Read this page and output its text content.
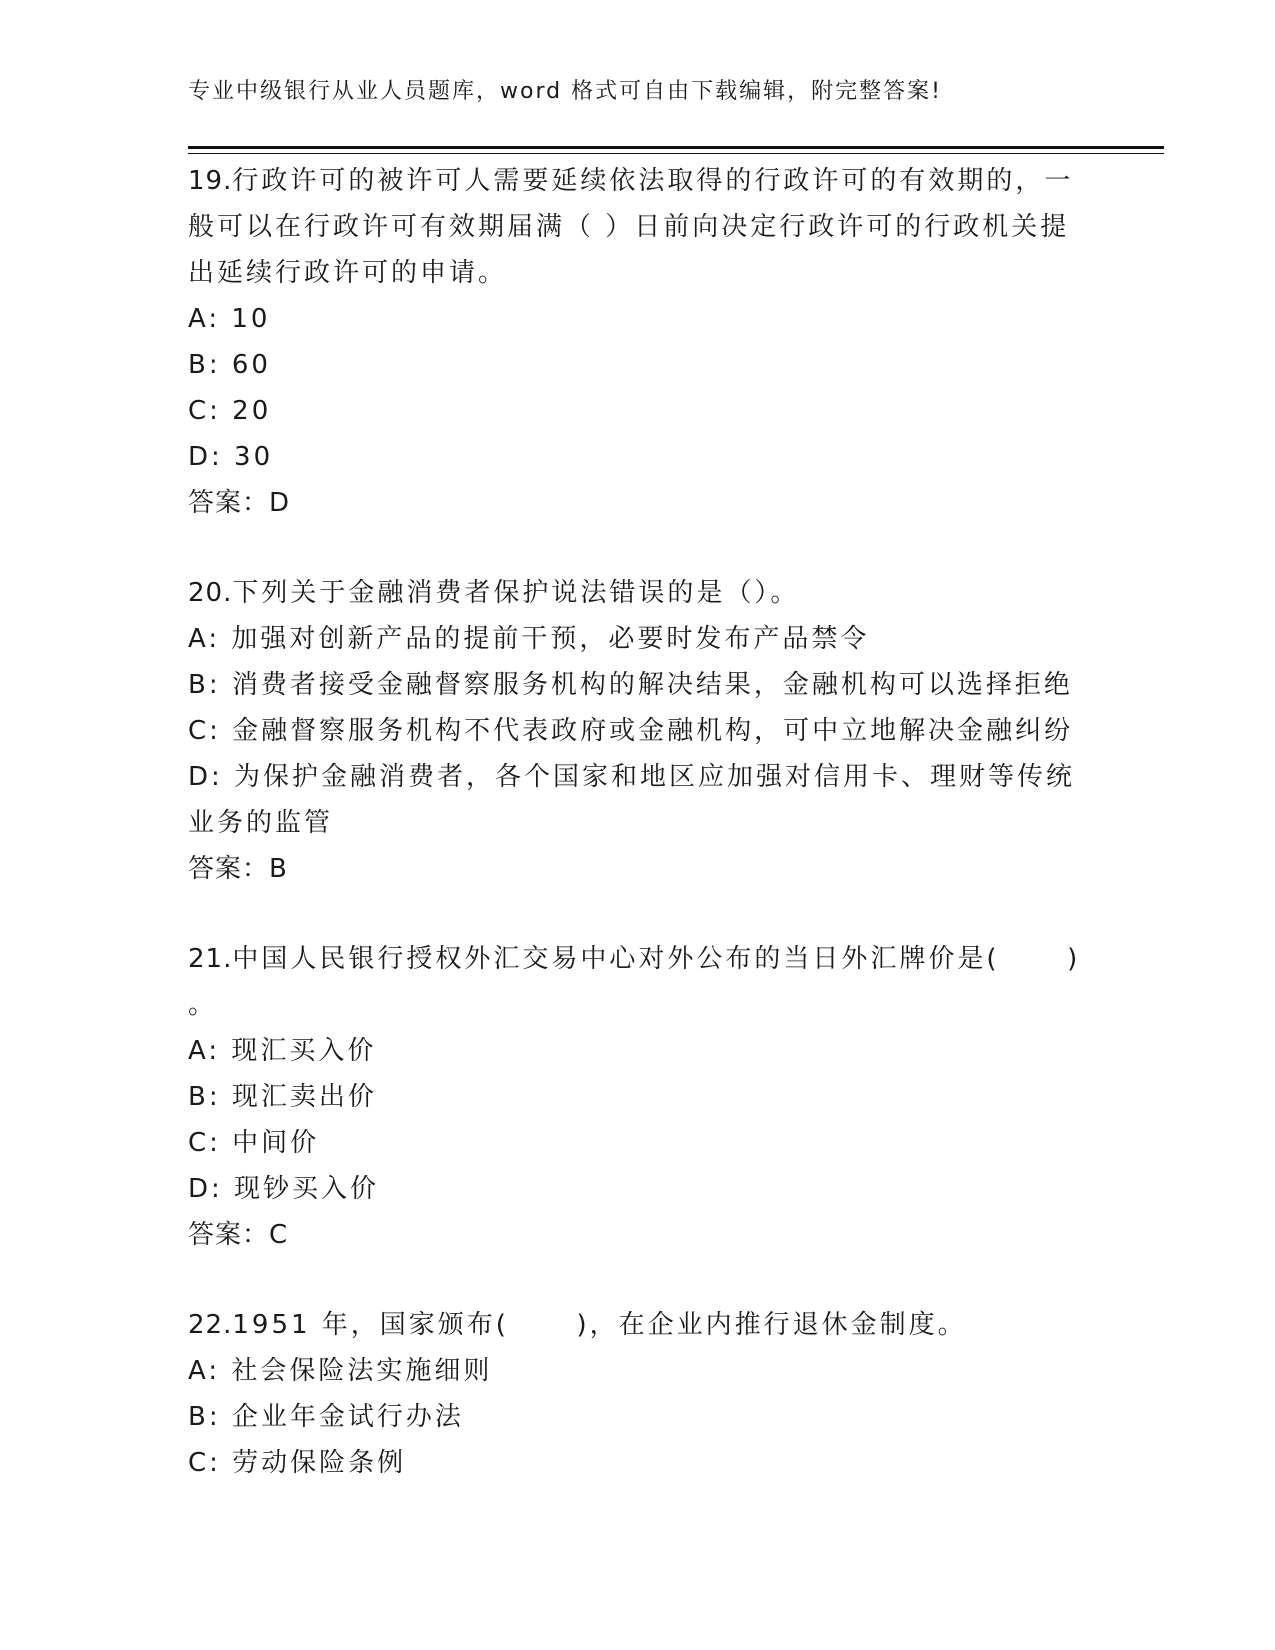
专业中级银行从业人员题库，word 格式可自由下载编辑，附完整答案!
19.行政许可的被许可人需要延续依法取得的行政许可的有效期的，一
般可以在行政许可有效期届满（ ）日前向决定行政许可的行政机关提
出延续行政许可的申请。
A: 10
B: 60
C: 20
D: 30
答案：D
20.下列关于金融消费者保护说法错误的是（）。
A: 加强对创新产品的提前干预，必要时发布产品禁令
B: 消费者接受金融督察服务机构的解决结果，金融机构可以选择拒绝
C: 金融督察服务机构不代表政府或金融机构，可中立地解决金融纠纷
D: 为保护金融消费者，各个国家和地区应加强对信用卡、理财等传统
业务的监管
答案：B
21.中国人民银行授权外汇交易中心对外公布的当日外汇牌价是(      )
。
A: 现汇买入价
B: 现汇卖出价
C: 中间价
D: 现钞买入价
答案：C
22.1951 年，国家颁布(      )，在企业内推行退休金制度。
A: 社会保险法实施细则
B: 企业年金试行办法
C: 劳动保险条例
